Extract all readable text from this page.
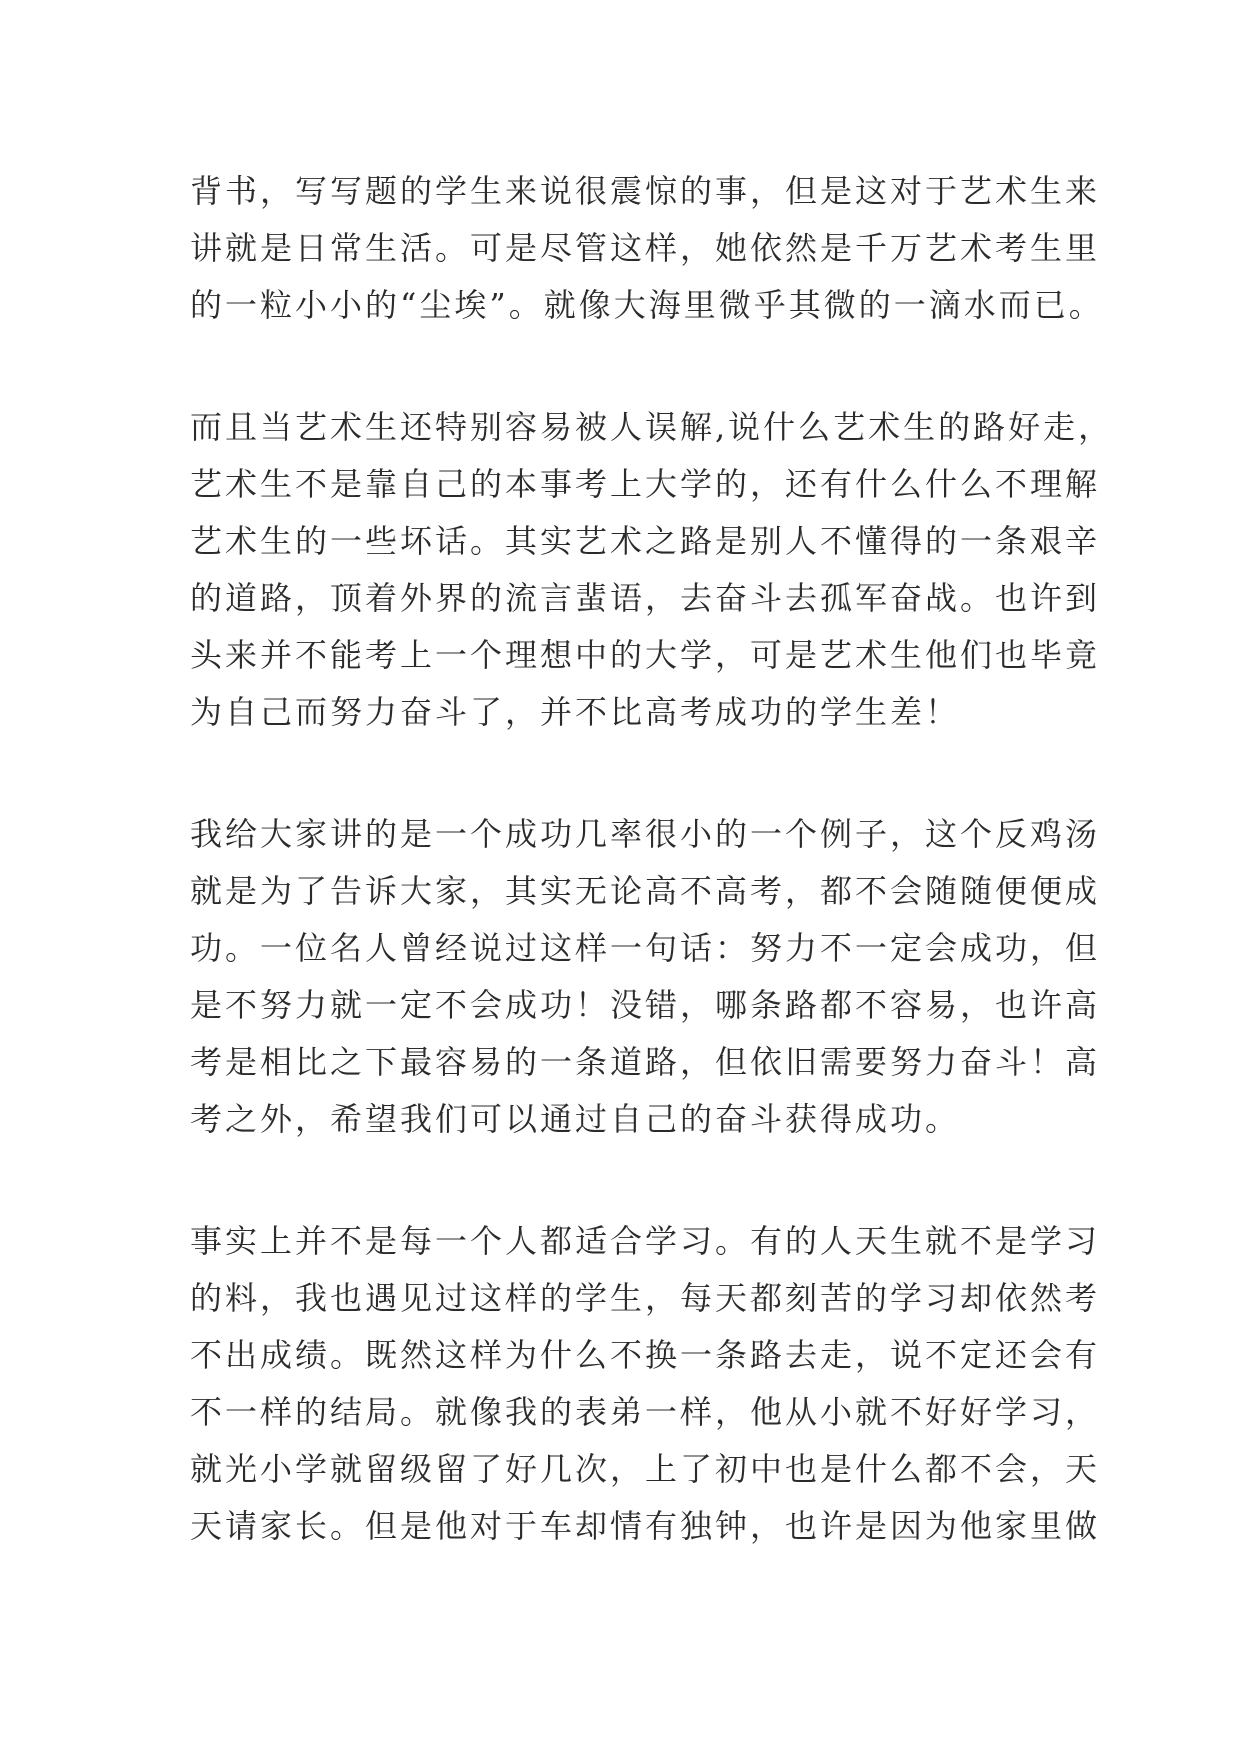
背书，写写题的学生来说很震惊的事，但是这对于艺术生来
讲就是日常生活。可是尽管这样，她依然是千万艺术考生里
的一粒小小的“尘埃”。就像大海里微乎其微的一滴水而已。
而且当艺术生还特别容易被人误解,说什么艺术生的路好走，
艺术生不是靠自己的本事考上大学的，还有什么什么不理解
艺术生的一些坏话。其实艺术之路是别人不懂得的一条艰辛
的道路，顶着外界的流言蜚语，去奋斗去孤军奋战。也许到
头来并不能考上一个理想中的大学，可是艺术生他们也毕竟
为自己而努力奋斗了，并不比高考成功的学生差！
我给大家讲的是一个成功几率很小的一个例子，这个反鸡汤
就是为了告诉大家，其实无论高不高考，都不会随随便便成
功。一位名人曾经说过这样一句话：努力不一定会成功，但
是不努力就一定不会成功！没错，哪条路都不容易，也许高
考是相比之下最容易的一条道路，但依旧需要努力奋斗！高
考之外，希望我们可以通过自己的奋斗获得成功。
事实上并不是每一个人都适合学习。有的人天生就不是学习
的料，我也遇见过这样的学生，每天都刻苦的学习却依然考
不出成绩。既然这样为什么不换一条路去走，说不定还会有
不一样的结局。就像我的表弟一样，他从小就不好好学习，
就光小学就留级留了好几次，上了初中也是什么都不会，天
天请家长。但是他对于车却情有独钟，也许是因为他家里做
